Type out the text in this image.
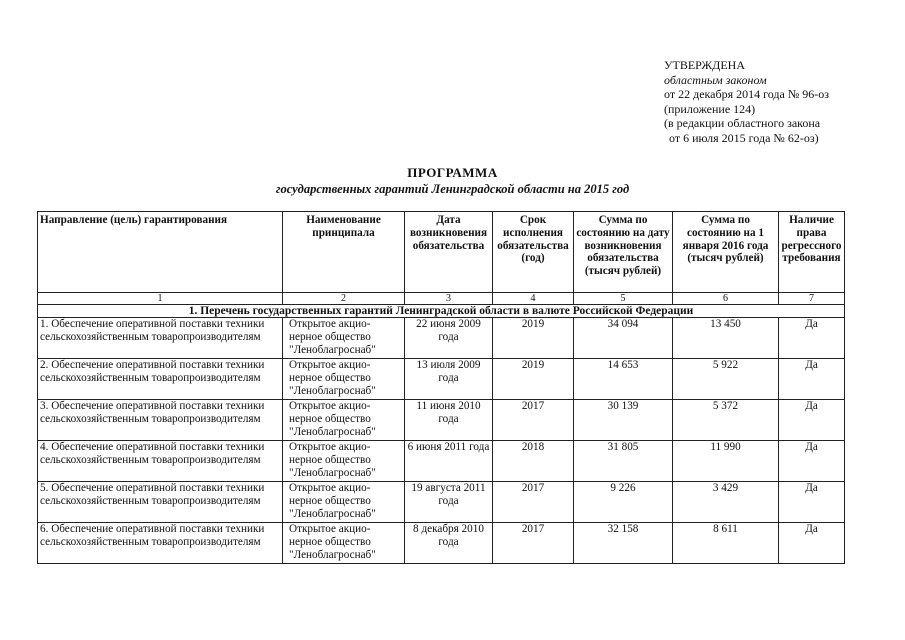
УТВЕРЖДЕНА
областным законом
от 22 декабря 2014 года № 96-оз
(приложение 124)
(в редакции областного закона
от 6 июля 2015 года № 62-оз)
ПРОГРАММА
государственных гарантий Ленинградской области на 2015 год
Направление (цель) гарантирования	Наименование принципала	Дата возникновения обязательства	Срок исполнения обязательства (год)	Сумма по состоянию на дату возникновения обязательства (тысяч рублей)	Сумма по состоянию на 1 января 2016 года (тысяч рублей)	Наличие права регрессного требования
1	2	3	4	5	6	7
1. Перечень государственных гарантий Ленинградской области в валюте Российской Федерации						
1. Обеспечение оперативной поставки техники сельскохозяйственным товаропроизводителям	Открытое акцио-нерное общество "Леноблагроснаб"	22 июня 2009 года	2019	34 094	13 450	Да
2. Обеспечение оперативной поставки техники сельскохозяйственным товаропроизводителям	Открытое акцио-нерное общество "Леноблагроснаб"	13 июля 2009 года	2019	14 653	5 922	Да
3. Обеспечение оперативной поставки техники сельскохозяйственным товаропроизводителям	Открытое акцио-нерное общество "Леноблагроснаб"	11 июня 2010 года	2017	30 139	5 372	Да
4. Обеспечение оперативной поставки техники сельскохозяйственным товаропроизводителям	Открытое акцио-нерное общество "Леноблагроснаб"	6 июня 2011 года	2018	31 805	11 990	Да
5. Обеспечение оперативной поставки техники сельскохозяйственным товаропроизводителям	Открытое акцио-нерное общество "Леноблагроснаб"	19 августа 2011 года	2017	9 226	3 429	Да
6. Обеспечение оперативной поставки техники сельскохозяйственным товаропроизводителям	Открытое акцио-нерное общество "Леноблагроснаб"	8 декабря 2010 года	2017	32 158	8 611	Да
